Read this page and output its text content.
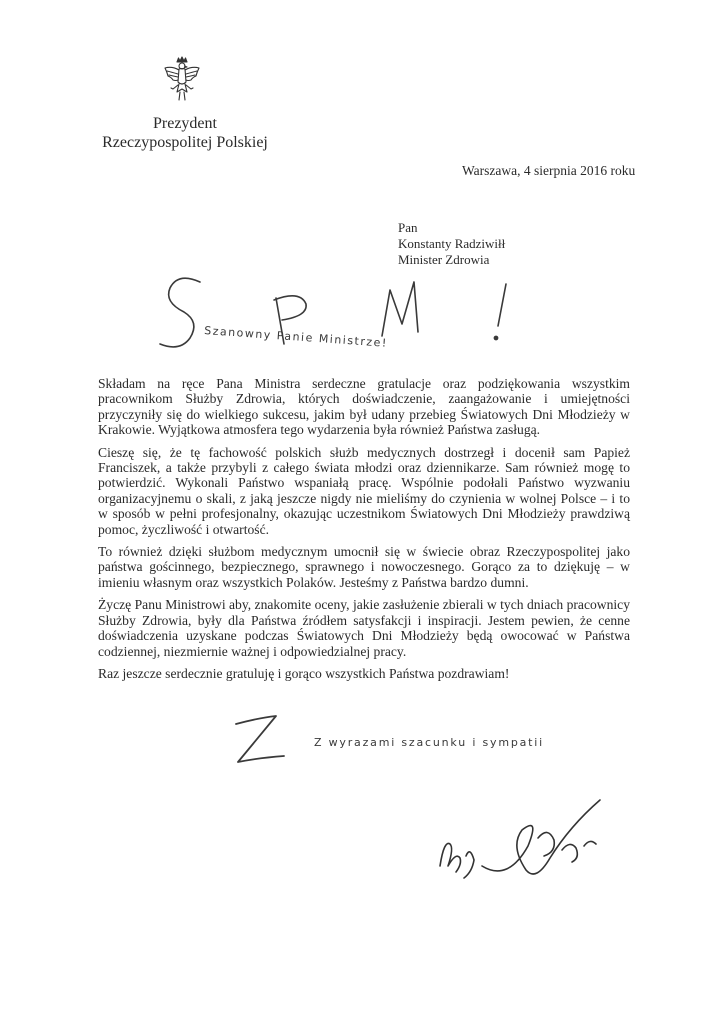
Prezydent
Rzeczypospolitej Polskiej
Warszawa, 4 sierpnia 2016 roku
Pan
Konstanty Radziwiłł
Minister Zdrowia
Szanowny Panie Ministrze!

Składam na ręce Pana Ministra serdeczne gratulacje oraz podziękowania wszystkim pracownikom Służby Zdrowia, których doświadczenie, zaangażowanie i umiejętności przyczyniły się do wielkiego sukcesu, jakim był udany przebieg Światowych Dni Młodzieży w Krakowie. Wyjątkowa atmosfera tego wydarzenia była również Państwa zasługą.

Cieszę się, że tę fachowość polskich służb medycznych dostrzegł i docenił sam Papież Franciszek, a także przybyli z całego świata młodzi oraz dziennikarze. Sam również mogę to potwierdzić. Wykonali Państwo wspaniałą pracę. Wspólnie podołali Państwo wyzwaniu organizacyjnemu o skali, z jaką jeszcze nigdy nie mieliśmy do czynienia w wolnej Polsce – i to w sposób w pełni profesjonalny, okazując uczestnikom Światowych Dni Młodzieży prawdziwą pomoc, życzliwość i otwartość.

To również dzięki służbom medycznym umocnił się w świecie obraz Rzeczypospolitej jako państwa gościnnego, bezpiecznego, sprawnego i nowoczesnego. Gorąco za to dziękuję – w imieniu własnym oraz wszystkich Polaków. Jesteśmy z Państwa bardzo dumni.

Życzę Panu Ministrowi aby, znakomite oceny, jakie zasłużenie zbierali w tych dniach pracownicy Służby Zdrowia, były dla Państwa źródłem satysfakcji i inspiracji. Jestem pewien, że cenne doświadczenia uzyskane podczas Światowych Dni Młodzieży będą owocować w Państwa codziennej, niezmiernie ważnej i odpowiedzialnej pracy.

Raz jeszcze serdecznie gratuluję i gorąco wszystkich Państwa pozdrawiam!

Z wyrazami szacunku i sympatii
Andrzej Duda
